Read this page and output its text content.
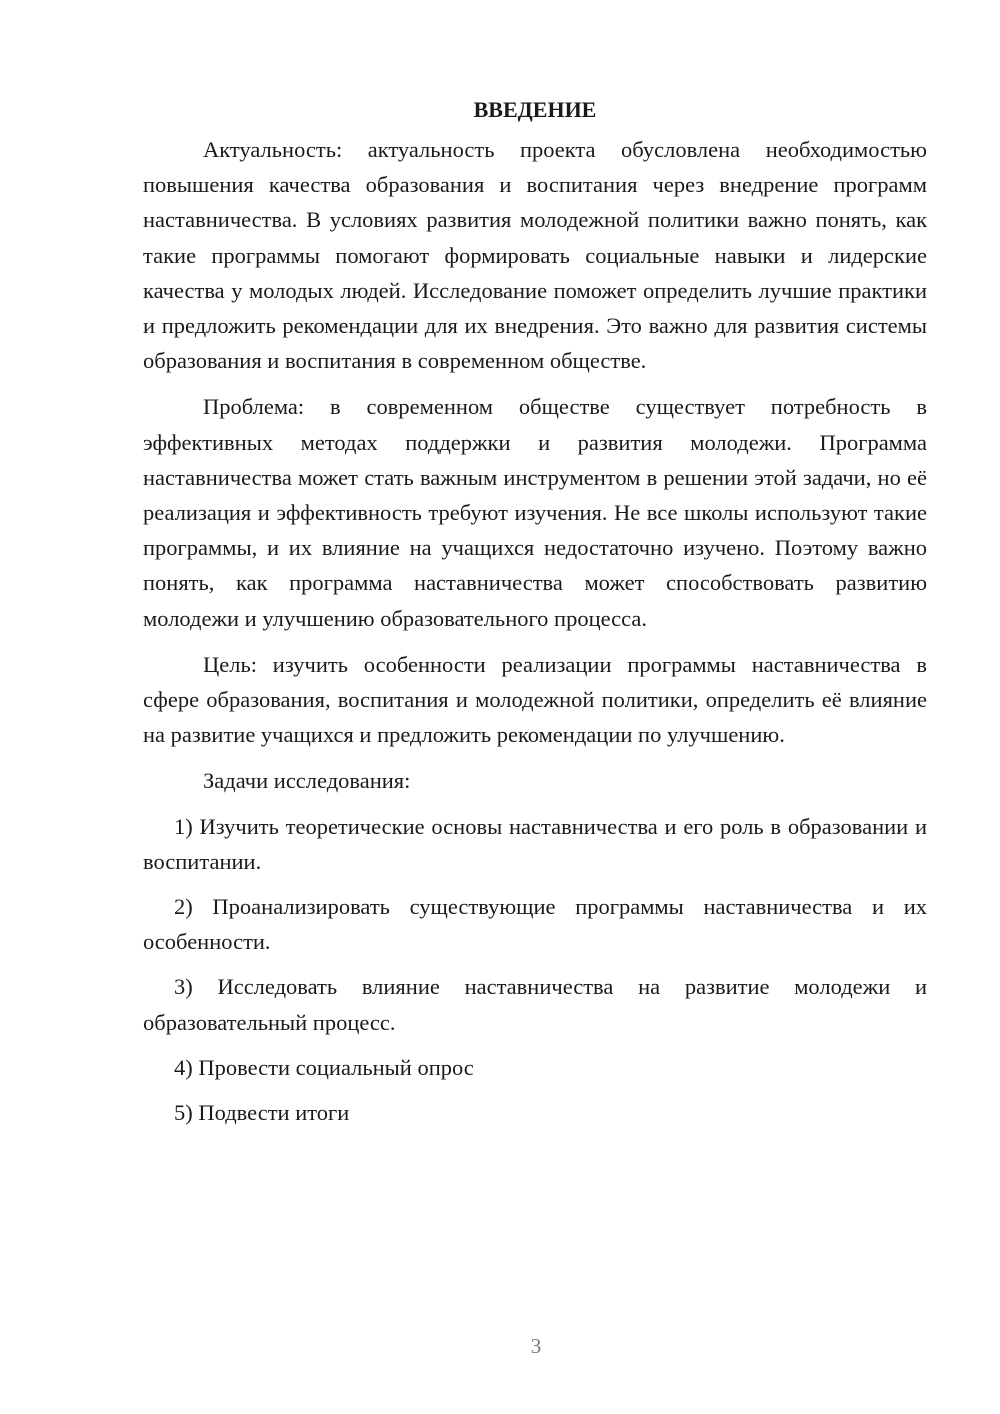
ВВЕДЕНИЕ

Актуальность: актуальность проекта обусловлена необходимостью повышения качества образования и воспитания через внедрение программ наставничества. В условиях развития молодежной политики важно понять, как такие программы помогают формировать социальные навыки и лидерские качества у молодых людей. Исследование поможет определить лучшие практики и предложить рекомендации для их внедрения. Это важно для развития системы образования и воспитания в современном обществе.

Проблема: в современном обществе существует потребность в эффективных методах поддержки и развития молодежи. Программа наставничества может стать важным инструментом в решении этой задачи, но её реализация и эффективность требуют изучения. Не все школы используют такие программы, и их влияние на учащихся недостаточно изучено. Поэтому важно понять, как программа наставничества может способствовать развитию молодежи и улучшению образовательного процесса.

Цель: изучить особенности реализации программы наставничества в сфере образования, воспитания и молодежной политики, определить её влияние на развитие учащихся и предложить рекомендации по улучшению.

Задачи исследования:

1) Изучить теоретические основы наставничества и его роль в образовании и воспитании.

2) Проанализировать существующие программы наставничества и их особенности.

3) Исследовать влияние наставничества на развитие молодежи и образовательный процесс.

4) Провести социальный опрос

5) Подвести итоги

3
